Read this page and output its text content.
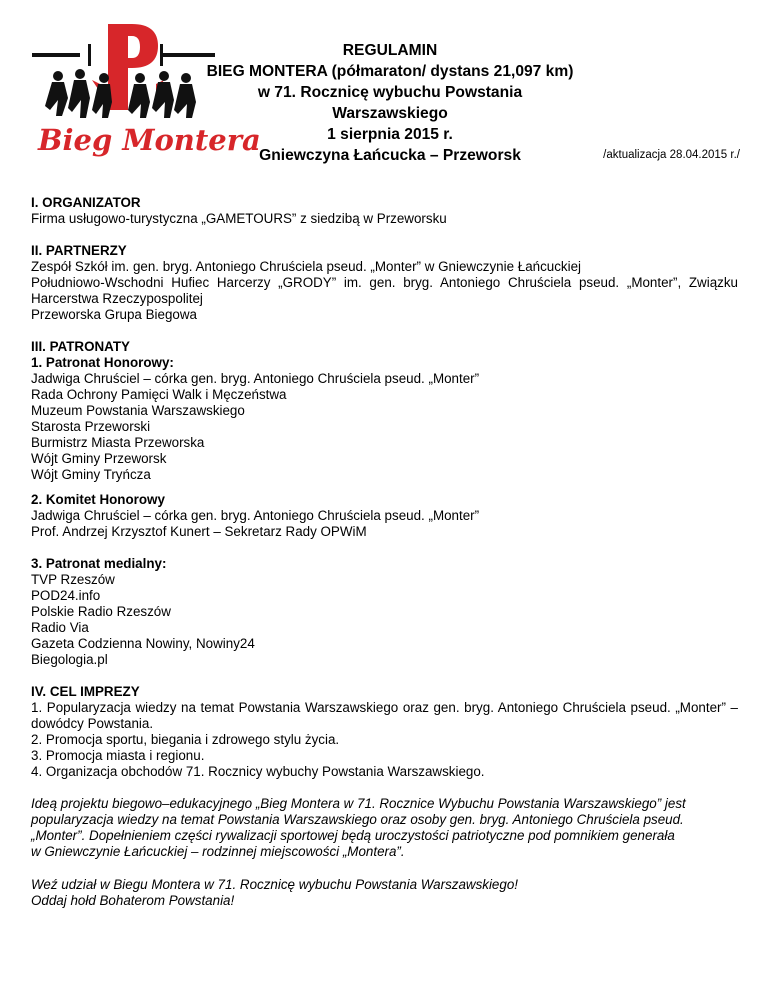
Bieg Montera
REGULAMIN
BIEG MONTERA (półmaraton/ dystans 21,097 km)
w 71. Rocznicę wybuchu Powstania Warszawskiego
1 sierpnia 2015 r.
Gniewczyna Łańcucka – Przeworsk	/aktualizacja 28.04.2015 r./
I. ORGANIZATOR
Firma usługowo-turystyczna „GAMETOURS” z siedzibą w Przeworsku
II. PARTNERZY
Zespół Szkół im. gen. bryg. Antoniego Chruściela pseud. „Monter” w Gniewczynie Łańcuckiej
Południowo-Wschodni Hufiec Harcerzy „GRODY” im. gen. bryg. Antoniego Chruściela pseud. „Monter”, Związku Harcerstwa Rzeczypospolitej
Przeworska Grupa Biegowa
III. PATRONATY
1. Patronat Honorowy:
Jadwiga Chruściel – córka gen. bryg. Antoniego Chruściela pseud. „Monter”
Rada Ochrony Pamięci Walk i Męczeństwa
Muzeum Powstania Warszawskiego
Starosta Przeworski
Burmistrz Miasta Przeworska
Wójt Gminy Przeworsk
Wójt Gminy Tryńcza
2. Komitet Honorowy
Jadwiga Chruściel – córka gen. bryg. Antoniego Chruściela pseud. „Monter”
Prof. Andrzej Krzysztof Kunert – Sekretarz Rady OPWiM
3. Patronat medialny:
TVP Rzeszów
POD24.info
Polskie Radio Rzeszów
Radio Via
Gazeta Codzienna Nowiny, Nowiny24
Biegologia.pl
IV. CEL IMPREZY
1. Popularyzacja wiedzy na temat Powstania Warszawskiego oraz gen. bryg. Antoniego Chruściela pseud. „Monter” – dowódcy Powstania.
2. Promocja sportu, biegania i zdrowego stylu życia.
3. Promocja miasta i regionu.
4. Organizacja obchodów 71. Rocznicy wybuchy Powstania Warszawskiego.
Ideą projektu biegowo–edukacyjnego „Bieg Montera w 71. Rocznice Wybuchu Powstania Warszawskiego” jest
popularyzacja wiedzy na temat Powstania Warszawskiego oraz osoby gen. bryg. Antoniego Chruściela pseud.
„Monter”. Dopełnieniem części rywalizacji sportowej będą uroczystości patriotyczne pod pomnikiem generała
w Gniewczynie Łańcuckiej – rodzinnej miejscowości „Montera”.
Weź udział w Biegu Montera w 71. Rocznicę wybuchu Powstania Warszawskiego!
Oddaj hołd Bohaterom Powstania!
